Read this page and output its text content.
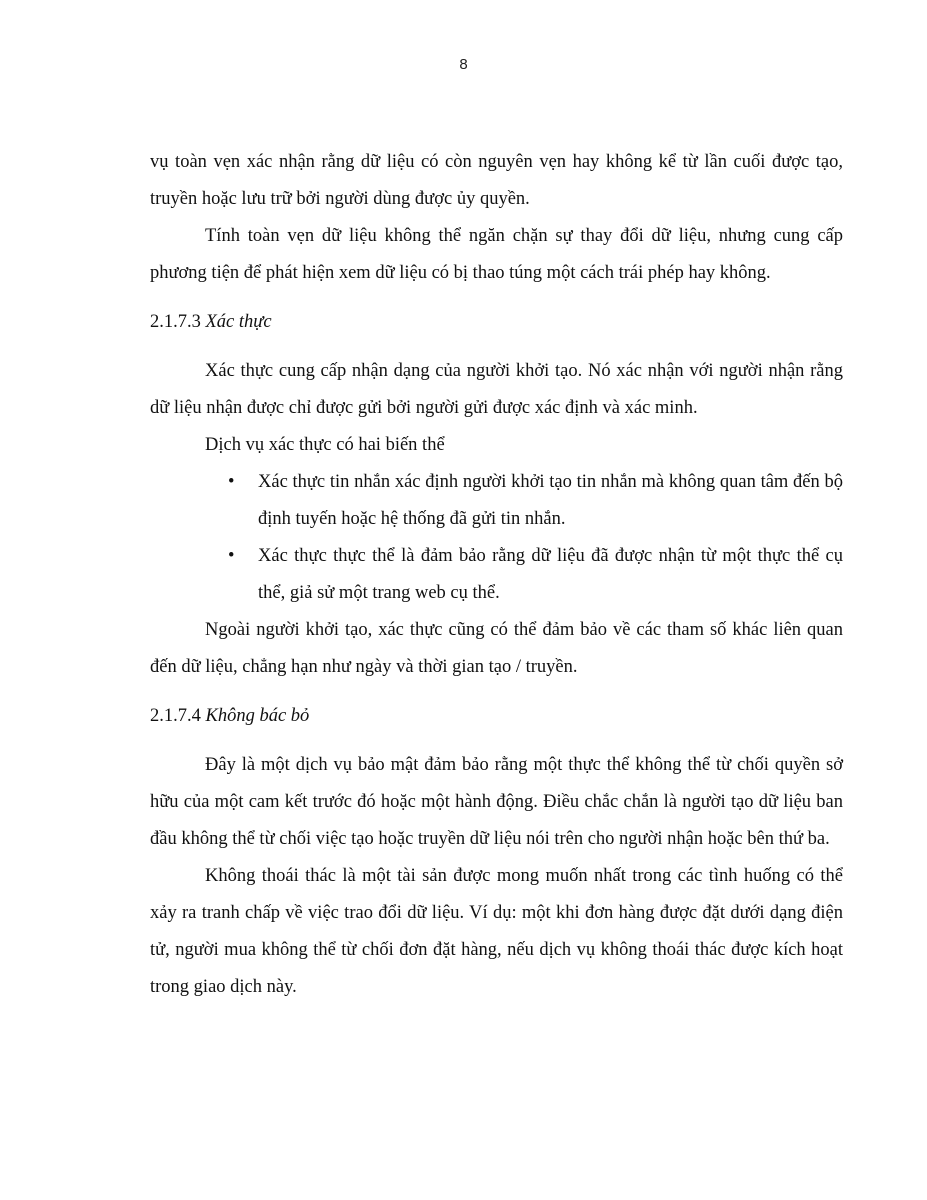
8

vụ toàn vẹn xác nhận rằng dữ liệu có còn nguyên vẹn hay không kể từ lần cuối được tạo, truyền hoặc lưu trữ bởi người dùng được ủy quyền.

Tính toàn vẹn dữ liệu không thể ngăn chặn sự thay đổi dữ liệu, nhưng cung cấp phương tiện để phát hiện xem dữ liệu có bị thao túng một cách trái phép hay không.

2.1.7.3 Xác thực

Xác thực cung cấp nhận dạng của người khởi tạo. Nó xác nhận với người nhận rằng dữ liệu nhận được chỉ được gửi bởi người gửi được xác định và xác minh.

Dịch vụ xác thực có hai biến thể

• Xác thực tin nhắn xác định người khởi tạo tin nhắn mà không quan tâm đến bộ định tuyến hoặc hệ thống đã gửi tin nhắn.
• Xác thực thực thể là đảm bảo rằng dữ liệu đã được nhận từ một thực thể cụ thể, giả sử một trang web cụ thể.

Ngoài người khởi tạo, xác thực cũng có thể đảm bảo về các tham số khác liên quan đến dữ liệu, chẳng hạn như ngày và thời gian tạo / truyền.

2.1.7.4 Không bác bỏ

Đây là một dịch vụ bảo mật đảm bảo rằng một thực thể không thể từ chối quyền sở hữu của một cam kết trước đó hoặc một hành động. Điều chắc chắn là người tạo dữ liệu ban đầu không thể từ chối việc tạo hoặc truyền dữ liệu nói trên cho người nhận hoặc bên thứ ba.

Không thoái thác là một tài sản được mong muốn nhất trong các tình huống có thể xảy ra tranh chấp về việc trao đổi dữ liệu. Ví dụ: một khi đơn hàng được đặt dưới dạng điện tử, người mua không thể từ chối đơn đặt hàng, nếu dịch vụ không thoái thác được kích hoạt trong giao dịch này.
